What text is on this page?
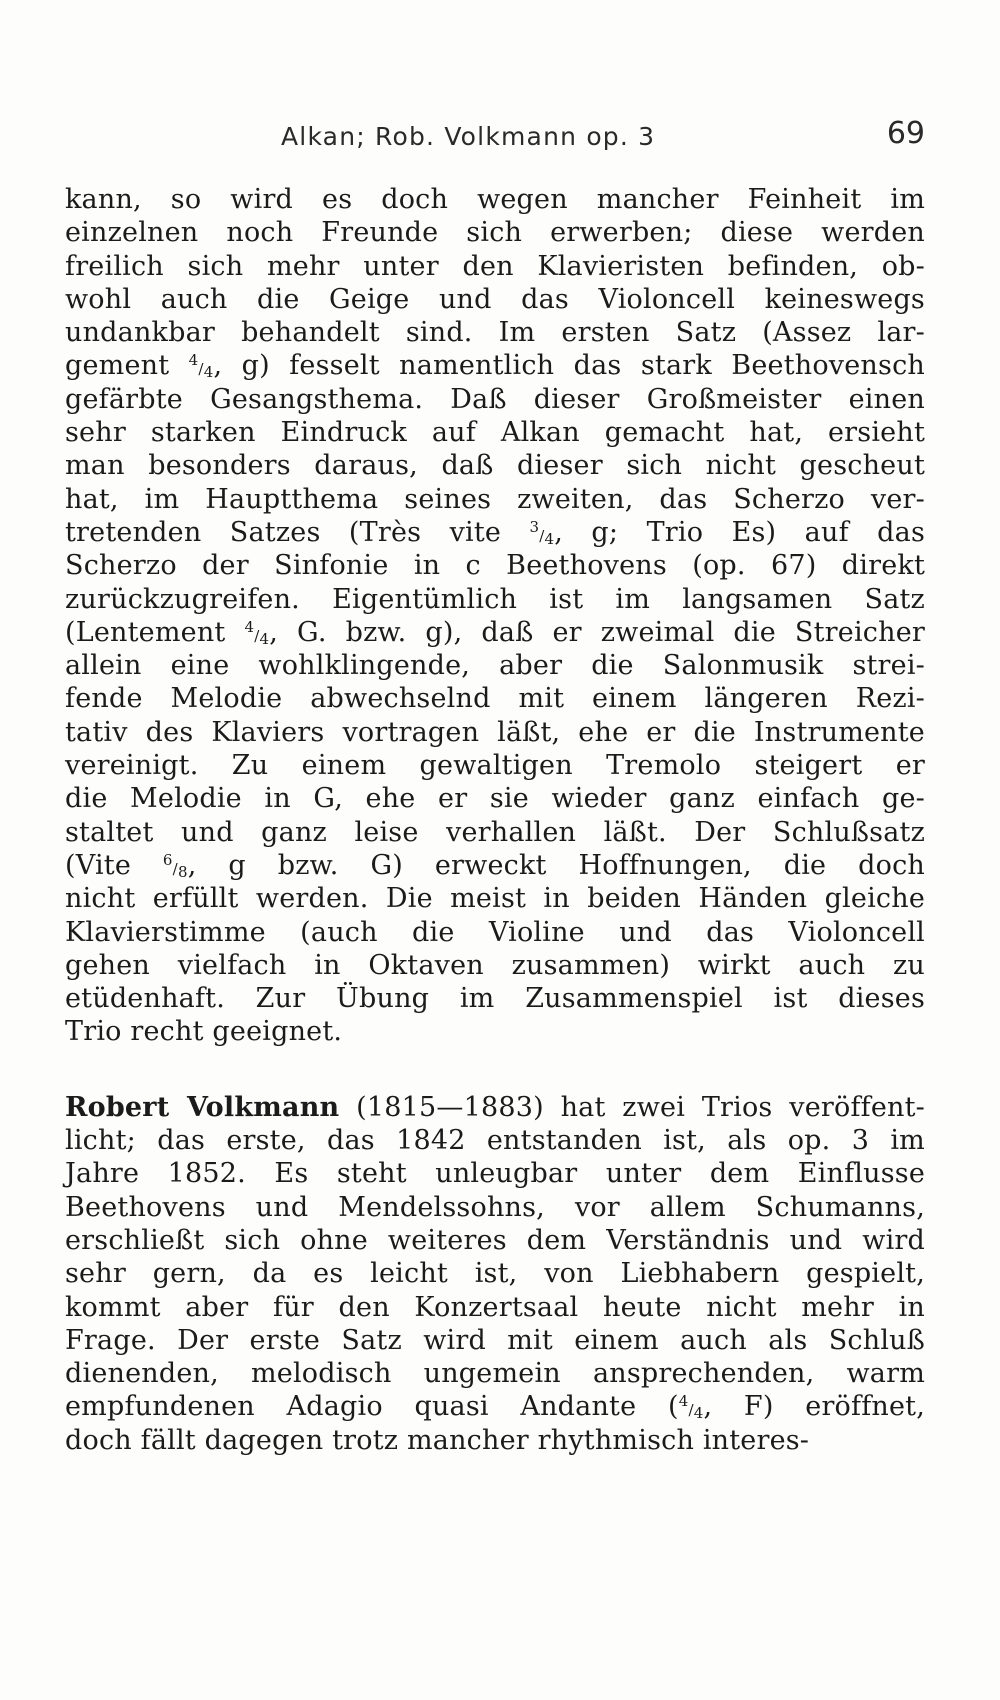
Alkan; Rob. Volkmann op. 3	69
kann, so wird es doch wegen mancher Feinheit im
einzelnen noch Freunde sich erwerben; diese werden
freilich sich mehr unter den Klavieristen befinden, ob-
wohl auch die Geige und das Violoncell keineswegs
undankbar behandelt sind. Im ersten Satz (Assez lar-
gement 4/4, g) fesselt namentlich das stark Beethovensch
gefärbte Gesangsthema. Daß dieser Großmeister einen
sehr starken Eindruck auf Alkan gemacht hat, ersieht
man besonders daraus, daß dieser sich nicht gescheut
hat, im Hauptthema seines zweiten, das Scherzo ver-
tretenden Satzes (Très vite 3/4, g; Trio Es) auf das
Scherzo der Sinfonie in c Beethovens (op. 67) direkt
zurückzugreifen. Eigentümlich ist im langsamen Satz
(Lentement 4/4, G. bzw. g), daß er zweimal die Streicher
allein eine wohlklingende, aber die Salonmusik strei-
fende Melodie abwechselnd mit einem längeren Rezi-
tativ des Klaviers vortragen läßt, ehe er die Instrumente
vereinigt. Zu einem gewaltigen Tremolo steigert er
die Melodie in G, ehe er sie wieder ganz einfach ge-
staltet und ganz leise verhallen läßt. Der Schlußsatz
(Vite 6/8, g bzw. G) erweckt Hoffnungen, die doch
nicht erfüllt werden. Die meist in beiden Händen gleiche
Klavierstimme (auch die Violine und das Violoncell
gehen vielfach in Oktaven zusammen) wirkt auch zu
etüdenhaft. Zur Übung im Zusammenspiel ist dieses
Trio recht geeignet.
Robert Volkmann (1815—1883) hat zwei Trios veröffent-
licht; das erste, das 1842 entstanden ist, als op. 3 im
Jahre 1852. Es steht unleugbar unter dem Einflusse
Beethovens und Mendelssohns, vor allem Schumanns,
erschließt sich ohne weiteres dem Verständnis und wird
sehr gern, da es leicht ist, von Liebhabern gespielt,
kommt aber für den Konzertsaal heute nicht mehr in
Frage. Der erste Satz wird mit einem auch als Schluß
dienenden, melodisch ungemein ansprechenden, warm
empfundenen Adagio quasi Andante (4/4, F) eröffnet,
doch fällt dagegen trotz mancher rhythmisch interes-
